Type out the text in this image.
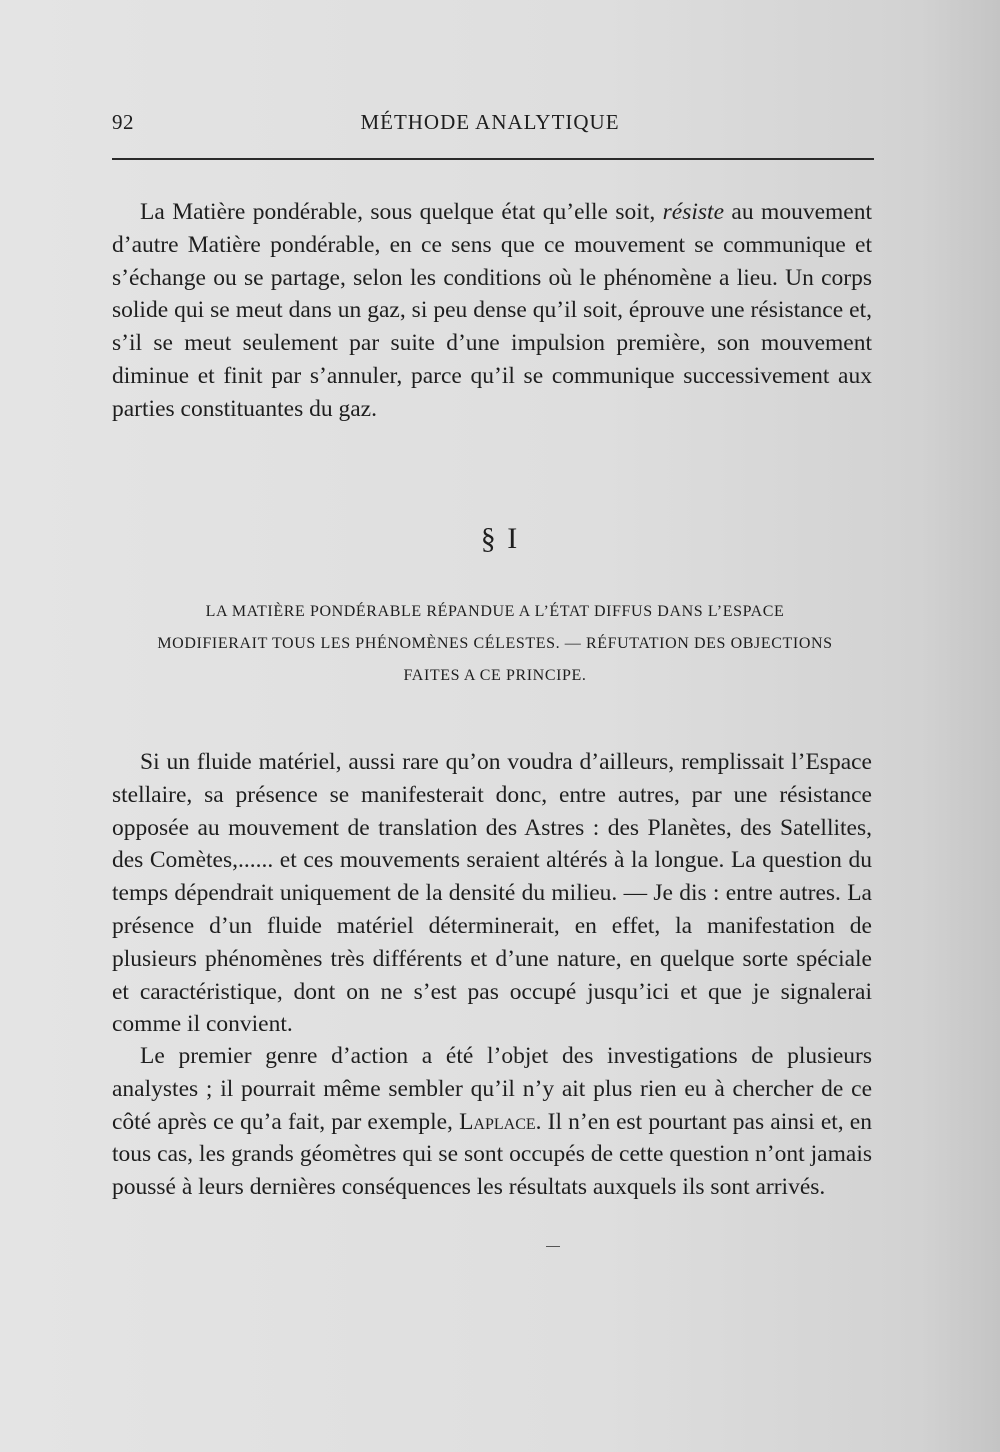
92	MÉTHODE ANALYTIQUE

La Matière pondérable, sous quelque état qu’elle soit, résiste au mouvement d’autre Matière pondérable, en ce sens que ce mouvement se communique et s’échange ou se partage, selon les conditions où le phénomène a lieu. Un corps solide qui se meut dans un gaz, si peu dense qu’il soit, éprouve une résistance et, s’il se meut seulement par suite d’une impulsion première, son mouvement diminue et finit par s’annuler, parce qu’il se communique successivement aux parties constituantes du gaz.

§ I

LA MATIÈRE PONDÉRABLE RÉPANDUE A L’ÉTAT DIFFUS DANS L’ESPACE
MODIFIERAIT TOUS LES PHÉNOMÈNES CÉLESTES. — RÉFUTATION DES OBJECTIONS
FAITES A CE PRINCIPE.

Si un fluide matériel, aussi rare qu’on voudra d’ailleurs, remplissait l’Espace stellaire, sa présence se manifesterait donc, entre autres, par une résistance opposée au mouvement de translation des Astres : des Planètes, des Satellites, des Comètes,...... et ces mouvements seraient altérés à la longue. La question du temps dépendrait uniquement de la densité du milieu. — Je dis : entre autres. La présence d’un fluide matériel déterminerait, en effet, la manifestation de plusieurs phénomènes très différents et d’une nature, en quelque sorte spéciale et caractéristique, dont on ne s’est pas occupé jusqu’ici et que je signalerai comme il convient.

Le premier genre d’action a été l’objet des investigations de plusieurs analystes ; il pourrait même sembler qu’il n’y ait plus rien eu à chercher de ce côté après ce qu’a fait, par exemple, Laplace. Il n’en est pourtant pas ainsi et, en tous cas, les grands géomètres qui se sont occupés de cette question n’ont jamais poussé à leurs dernières conséquences les résultats auxquels ils sont arrivés.
